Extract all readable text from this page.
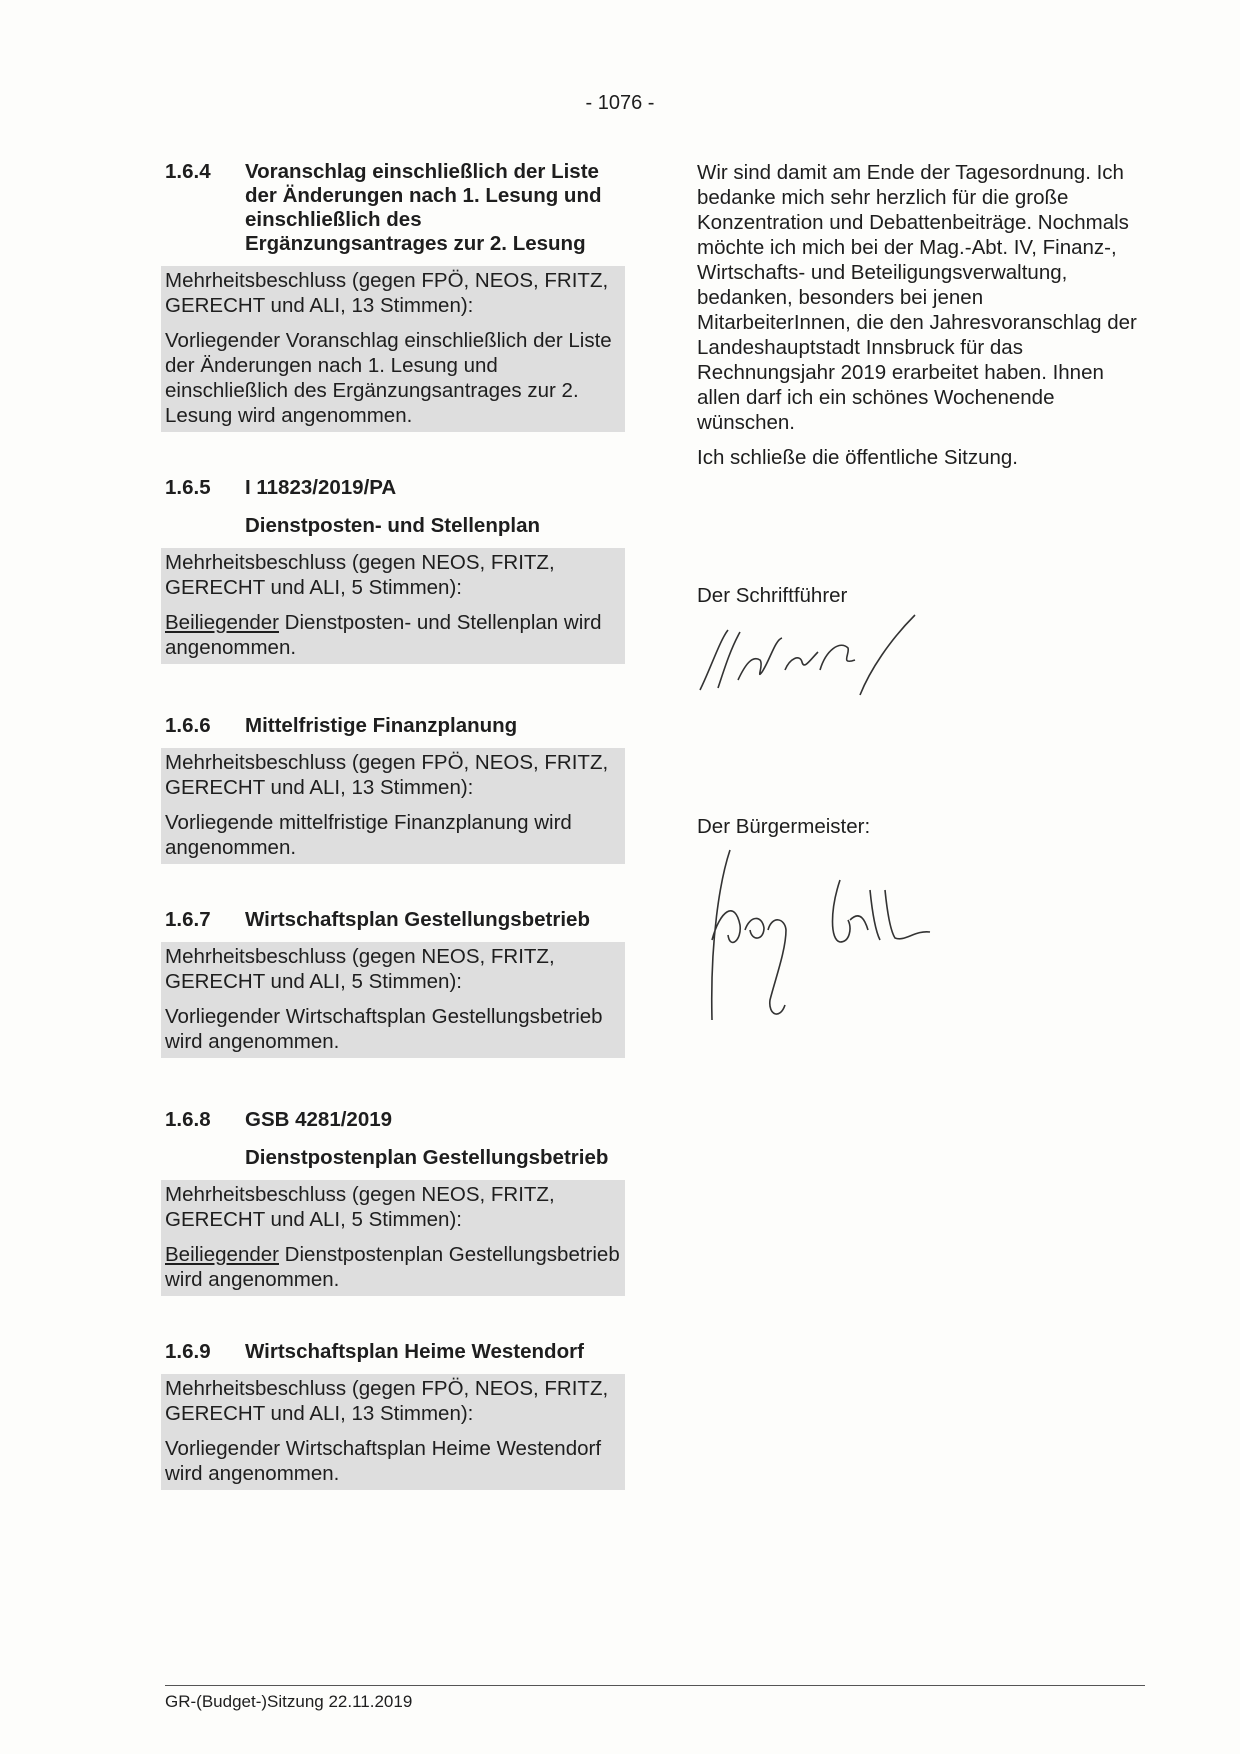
- 1076 -
1.6.4	Voranschlag einschließlich der Liste der Änderungen nach 1. Lesung und einschließlich des Ergänzungsantrages zur 2. Lesung

Mehrheitsbeschluss (gegen FPÖ, NEOS, FRITZ, GERECHT und ALI, 13 Stimmen):

Vorliegender Voranschlag einschließlich der Liste der Änderungen nach 1. Lesung und einschließlich des Ergänzungsantrages zur 2. Lesung wird angenommen.

1.6.5	I 11823/2019/PA
Dienstposten- und Stellenplan

Mehrheitsbeschluss (gegen NEOS, FRITZ, GERECHT und ALI, 5 Stimmen):

Beiliegender Dienstposten- und Stellenplan wird angenommen.

1.6.6	Mittelfristige Finanzplanung

Mehrheitsbeschluss (gegen FPÖ, NEOS, FRITZ, GERECHT und ALI, 13 Stimmen):

Vorliegende mittelfristige Finanzplanung wird angenommen.

1.6.7	Wirtschaftsplan Gestellungsbetrieb

Mehrheitsbeschluss (gegen NEOS, FRITZ, GERECHT und ALI, 5 Stimmen):

Vorliegender Wirtschaftsplan Gestellungsbetrieb wird angenommen.

1.6.8	GSB 4281/2019
Dienstpostenplan Gestellungsbetrieb

Mehrheitsbeschluss (gegen NEOS, FRITZ, GERECHT und ALI, 5 Stimmen):

Beiliegender Dienstpostenplan Gestellungsbetrieb wird angenommen.

1.6.9	Wirtschaftsplan Heime Westendorf

Mehrheitsbeschluss (gegen FPÖ, NEOS, FRITZ, GERECHT und ALI, 13 Stimmen):

Vorliegender Wirtschaftsplan Heime Westendorf wird angenommen.

Wir sind damit am Ende der Tagesordnung. Ich bedanke mich sehr herzlich für die große Konzentration und Debattenbeiträge. Nochmals möchte ich mich bei der Mag.-Abt. IV, Finanz-, Wirtschafts- und Beteiligungsverwaltung, bedanken, besonders bei jenen MitarbeiterInnen, die den Jahresvoranschlag der Landeshauptstadt Innsbruck für das Rechnungsjahr 2019 erarbeitet haben. Ihnen allen darf ich ein schönes Wochenende wünschen.

Ich schließe die öffentliche Sitzung.

Der Schriftführer
Der Bürgermeister:
GR-(Budget-)Sitzung 22.11.2019
